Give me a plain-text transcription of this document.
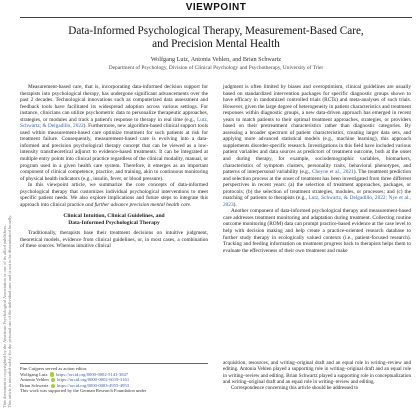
This document is copyrighted by the American Psychological Association or one of its allied publishers. This article is intended solely for the personal use of the individual user and is not to be disseminated broadly.
VIEWPOINT
Data-Informed Psychological Therapy, Measurement-Based Care,
and Precision Mental Health
Wolfgang Lutz, Antonia Vehlen, and Brian Schwartz
Department of Psychology, Division of Clinical Psychology and Psychotherapy, University of Trier

Measurement-based care, that is, incorporating data-informed decision support for therapists into psychological therapy, has undergone significant advancements over the past 2 decades. Technological innovations such as computerized data assessment and feedback tools have facilitated its widespread adoption across various settings. For instance, clinicians can utilize psychometric data to personalize therapeutic approaches, strategies, or modules and track a patient's response to therapy in real time (e.g., Lutz, Schwartz, & Delgadillo, 2022). Furthermore, new algorithm-based clinical support tools used within measurement-based care optimize treatment for such patients at risk for treatment failure. Consequently, measurement-based care is evolving into a data-informed and precision psychological therapy concept that can be viewed as a low-intensity transtheoretical adjunct to evidence-based treatments. It can be integrated at multiple entry points into clinical practice regardless of the clinical modality, manual, or program used in a given health care system. Therefore, it emerges as an important component of clinical competence, practice, and training, akin to continuous monitoring of physical health indicators (e.g., insulin, fever, or blood pressure).

In this viewpoint article, we summarize the core concepts of data-informed psychological therapy that customizes individual psychological interventions to meet specific patient needs. We also explore implications and future steps to integrate this approach into clinical practice and further advance precision mental health care.

Clinical Intuition, Clinical Guidelines, and
Data-Informed Psychological Therapy

Traditionally, therapists base their treatment decisions on intuitive judgment, theoretical models, evidence from clinical guidelines, or, in most cases, a combination of these sources. Whereas intuitive clinical

judgment is often limited by biases and overoptimism, clinical guidelines are usually based on standardized intervention packages for specific diagnostic groups shown to have efficacy in randomized controlled trials (RCTs) and meta-analyses of such trials. However, given the large degree of heterogeneity in patient characteristics and treatment responses within diagnostic groups, a new data-driven approach has emerged in recent years to match patients to their optimal treatment approaches, strategies, or providers based on their pretreatment characteristics rather than diagnostic categories. By assessing a broader spectrum of patient characteristics, creating larger data sets, and applying more advanced statistical models (e.g., machine learning), this approach supplements disorder-specific research. Investigations in this field have included various patient variables and data sources as predictors of treatment outcome, both at the onset and during therapy, for example, sociodemographic variables, biomarkers, characteristics of symptom clusters, personality traits, behavioral phenotypes, and patterns of interpersonal variability (e.g., Cheyne et al., 2021). The treatment prediction and selection process at the onset of treatment has been investigated from three different perspectives in recent years: (a) the selection of treatment approaches, packages, or protocols; (b) the selection of treatment strategies, modules, or processes; and (c) the matching of patients to therapists (e.g., Lutz, Schwartz, & Delgadillo, 2022; Nye et al., 2023).

Another component of data-informed psychological therapy and measurement-based care addresses treatment monitoring and adaptation during treatment. Collecting routine outcome monitoring (ROM) data can prompt practice-based evidence at the case level to help with decision making and help create a practice-oriented research database to further study therapy in ecologically valued contexts (i.e., patient-focused research). Tracking and feeding information on treatment progress back to therapists helps them to evaluate the effectiveness of their own treatment and make

Pim Cuijpers served as action editor.
Wolfgang Lutz https://orcid.org/0000-0002-5141-3847
Antonia Vehlen https://orcid.org/0000-0002-6019-3161
Brian Schwartz https://orcid.org/0000-0003-4955-4953
This work was supported by the German Research Foundation under
acquisition, resources, and writing–original draft and an equal role in writing–review and editing. Antonia Vehlen played a supporting role in writing–original draft and an equal role in writing–review and editing. Brian Schwartz played a supporting role in conceptualization and writing–original draft and an equal role in writing–review and editing.
Correspondence concerning this article should be addressed to
